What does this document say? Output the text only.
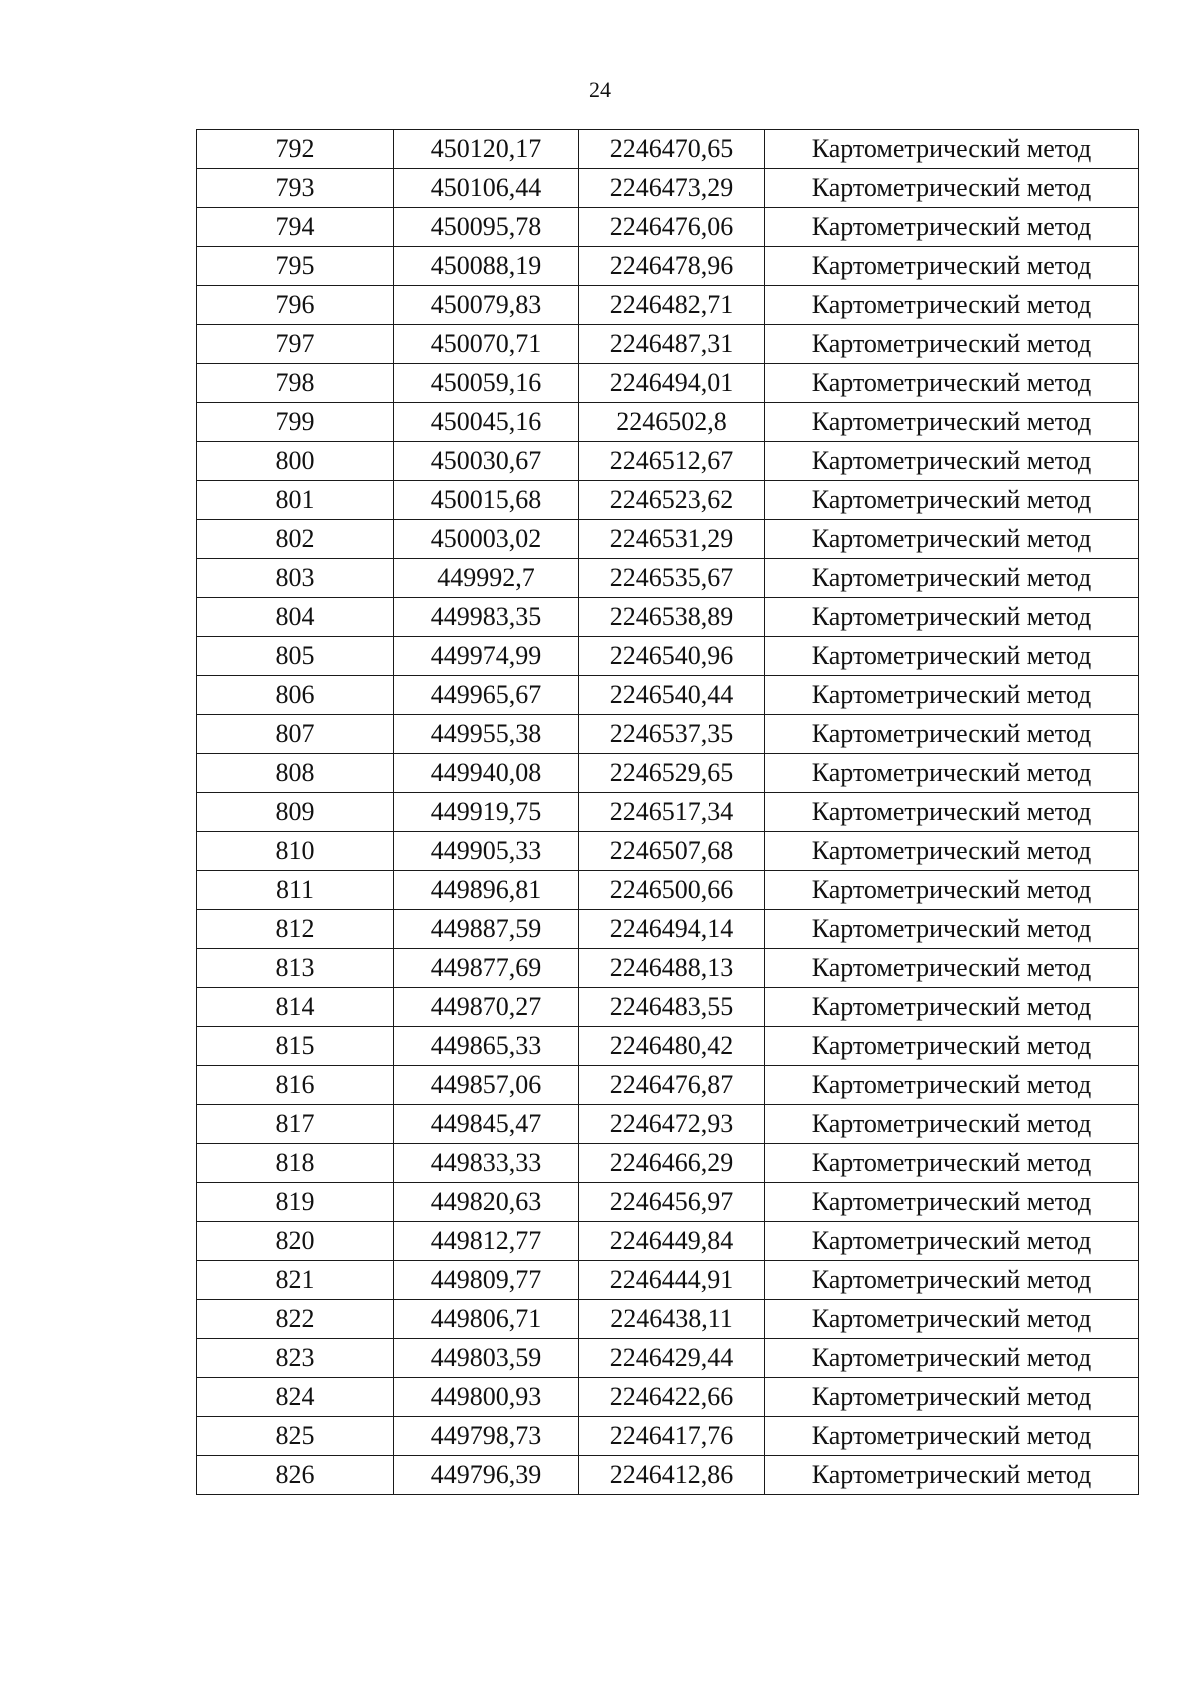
24
792	450120,17	2246470,65	Картометрический метод
793	450106,44	2246473,29	Картометрический метод
794	450095,78	2246476,06	Картометрический метод
795	450088,19	2246478,96	Картометрический метод
796	450079,83	2246482,71	Картометрический метод
797	450070,71	2246487,31	Картометрический метод
798	450059,16	2246494,01	Картометрический метод
799	450045,16	2246502,8	Картометрический метод
800	450030,67	2246512,67	Картометрический метод
801	450015,68	2246523,62	Картометрический метод
802	450003,02	2246531,29	Картометрический метод
803	449992,7	2246535,67	Картометрический метод
804	449983,35	2246538,89	Картометрический метод
805	449974,99	2246540,96	Картометрический метод
806	449965,67	2246540,44	Картометрический метод
807	449955,38	2246537,35	Картометрический метод
808	449940,08	2246529,65	Картометрический метод
809	449919,75	2246517,34	Картометрический метод
810	449905,33	2246507,68	Картометрический метод
811	449896,81	2246500,66	Картометрический метод
812	449887,59	2246494,14	Картометрический метод
813	449877,69	2246488,13	Картометрический метод
814	449870,27	2246483,55	Картометрический метод
815	449865,33	2246480,42	Картометрический метод
816	449857,06	2246476,87	Картометрический метод
817	449845,47	2246472,93	Картометрический метод
818	449833,33	2246466,29	Картометрический метод
819	449820,63	2246456,97	Картометрический метод
820	449812,77	2246449,84	Картометрический метод
821	449809,77	2246444,91	Картометрический метод
822	449806,71	2246438,11	Картометрический метод
823	449803,59	2246429,44	Картометрический метод
824	449800,93	2246422,66	Картометрический метод
825	449798,73	2246417,76	Картометрический метод
826	449796,39	2246412,86	Картометрический метод
